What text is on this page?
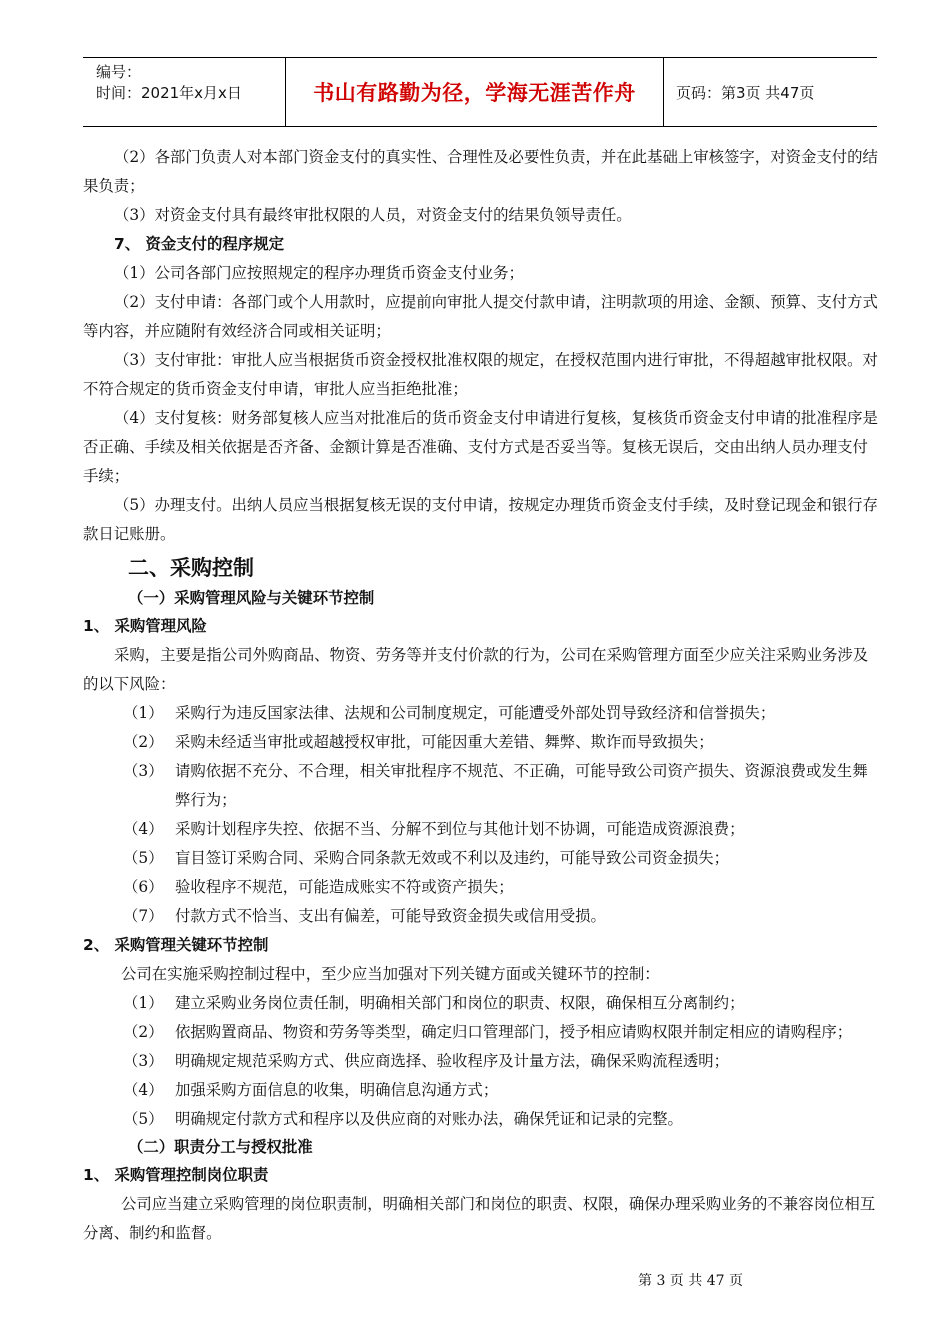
编号：
时间：2021年x月x日	书山有路勤为径，学海无涯苦作舟	页码：第3页 共47页

（2）各部门负责人对本部门资金支付的真实性、合理性及必要性负责，并在此基础上审核签字，对资金支付的结果负责；

（3）对资金支付具有最终审批权限的人员，对资金支付的结果负领导责任。

7、 资金支付的程序规定

（1）公司各部门应按照规定的程序办理货币资金支付业务；

（2）支付申请：各部门或个人用款时，应提前向审批人提交付款申请，注明款项的用途、金额、预算、支付方式等内容，并应随附有效经济合同或相关证明；

（3）支付审批：审批人应当根据货币资金授权批准权限的规定，在授权范围内进行审批，不得超越审批权限。对不符合规定的货币资金支付申请，审批人应当拒绝批准；

（4）支付复核：财务部复核人应当对批准后的货币资金支付申请进行复核，复核货币资金支付申请的批准程序是否正确、手续及相关依据是否齐备、金额计算是否准确、支付方式是否妥当等。复核无误后，交由出纳人员办理支付手续；

（5）办理支付。出纳人员应当根据复核无误的支付申请，按规定办理货币资金支付手续，及时登记现金和银行存款日记账册。

二、采购控制
（一）采购管理风险与关键环节控制
1、 采购管理风险

采购，主要是指公司外购商品、物资、劳务等并支付价款的行为，公司在采购管理方面至少应关注采购业务涉及的以下风险：

（1） 采购行为违反国家法律、法规和公司制度规定，可能遭受外部处罚导致经济和信誉损失；
（2） 采购未经适当审批或超越授权审批，可能因重大差错、舞弊、欺诈而导致损失；
（3） 请购依据不充分、不合理，相关审批程序不规范、不正确，可能导致公司资产损失、资源浪费或发生舞弊行为；
（4） 采购计划程序失控、依据不当、分解不到位与其他计划不协调，可能造成资源浪费；
（5） 盲目签订采购合同、采购合同条款无效或不利以及违约，可能导致公司资金损失；
（6） 验收程序不规范，可能造成账实不符或资产损失；
（7） 付款方式不恰当、支出有偏差，可能导致资金损失或信用受损。
2、 采购管理关键环节控制

公司在实施采购控制过程中，至少应当加强对下列关键方面或关键环节的控制：

（1） 建立采购业务岗位责任制，明确相关部门和岗位的职责、权限，确保相互分离制约；
（2） 依据购置商品、物资和劳务等类型，确定归口管理部门，授予相应请购权限并制定相应的请购程序；
（3） 明确规定规范采购方式、供应商选择、验收程序及计量方法，确保采购流程透明；
（4） 加强采购方面信息的收集，明确信息沟通方式；
（5） 明确规定付款方式和程序以及供应商的对账办法，确保凭证和记录的完整。
（二）职责分工与授权批准
1、 采购管理控制岗位职责

公司应当建立采购管理的岗位职责制，明确相关部门和岗位的职责、权限，确保办理采购业务的不兼容岗位相互分离、制约和监督。

第 3 页 共 47 页
